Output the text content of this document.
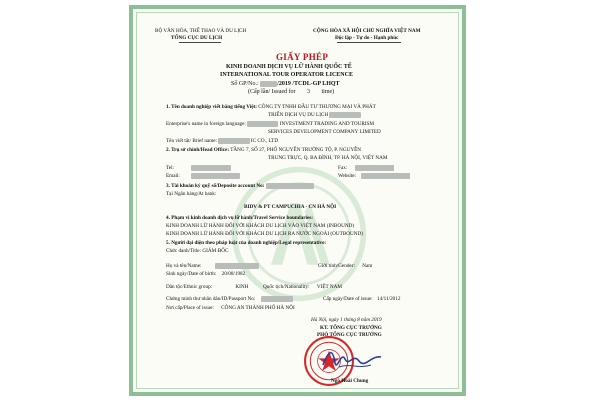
BỘ VĂN HÓA, THỂ THAO VÀ DU LỊCH
TỔNG CỤC DU LỊCH
CỘNG HÒA XÃ HỘI CHỦ NGHĨA VIỆT NAM
Độc lập - Tự do - Hạnh phúc
GIẤY PHÉP
KINH DOANH DỊCH VỤ LỮ HÀNH QUỐC TẾ
INTERNATIONAL TOUR OPERATOR LICENCE
Số GP/No.:	/2019 /TCDL-GP LHQT
(Cấp lần/ Issued for 3 time)
1. Tên doanh nghiệp viết bằng tiếng Việt: CÔNG TY TNHH ĐẦU TƯ THƯƠNG MẠI VÀ PHÁT
TRIỂN DỊCH VỤ DU LỊCH
Enterprise's name in foreign language:	INVESTMENT TRADING AND TOURISM
SERVICES DEVELOPMENT COMPANY LIMITED
Tên viết tắt/ Brief name:	IC CO., LTD
2. Trụ sở chính/Head Office: TẦNG 7, SỐ 27, PHỐ NGUYỄN TRƯỜNG TỘ, P. NGUYỄN
TRUNG TRỰC, Q. BA ĐÌNH, TP. HÀ NỘI, VIỆT NAM
Tel:	Fax:
Email:	Website:
3. Tài khoản ký quỹ số/Deposite account No:
Tại Ngân hàng/At bank:
BIDV & PT CAMPUCHIA - CN HÀ NỘI
4. Phạm vi kinh doanh dịch vụ lữ hành/Travel Service boundaries:
KINH DOANH LỮ HÀNH ĐỐI VỚI KHÁCH DU LỊCH VÀO VIỆT NAM (INBOUND)
KINH DOANH LỮ HÀNH ĐỐI VỚI KHÁCH DU LỊCH RA NƯỚC NGOÀI (OUTBOUND)
5. Người đại diện theo pháp luật của doanh nghiệp/Legal representative:
Chức danh/Title: GIÁM ĐỐC
Họ và tên/Name:	Giới tính/Gender: Nam
Sinh ngày/Date of birth: 20/08/1982
Dân tộc/Ethnic group:	KINH	Quốc tịch/Nationality: VIỆT NAM
Chứng minh thư nhân dân/ID/Passport No:	Cấp ngày/Date of issue: 14/11/2012
Nơi cấp/Place of issue: CÔNG AN THÀNH PHỐ HÀ NỘI
Hà Nội, ngày 1 tháng 8 năm 2019
KT. TỔNG CỤC TRƯỞNG
PHÓ TỔNG CỤC TRƯỞNG
Ngô Hoài Chung
